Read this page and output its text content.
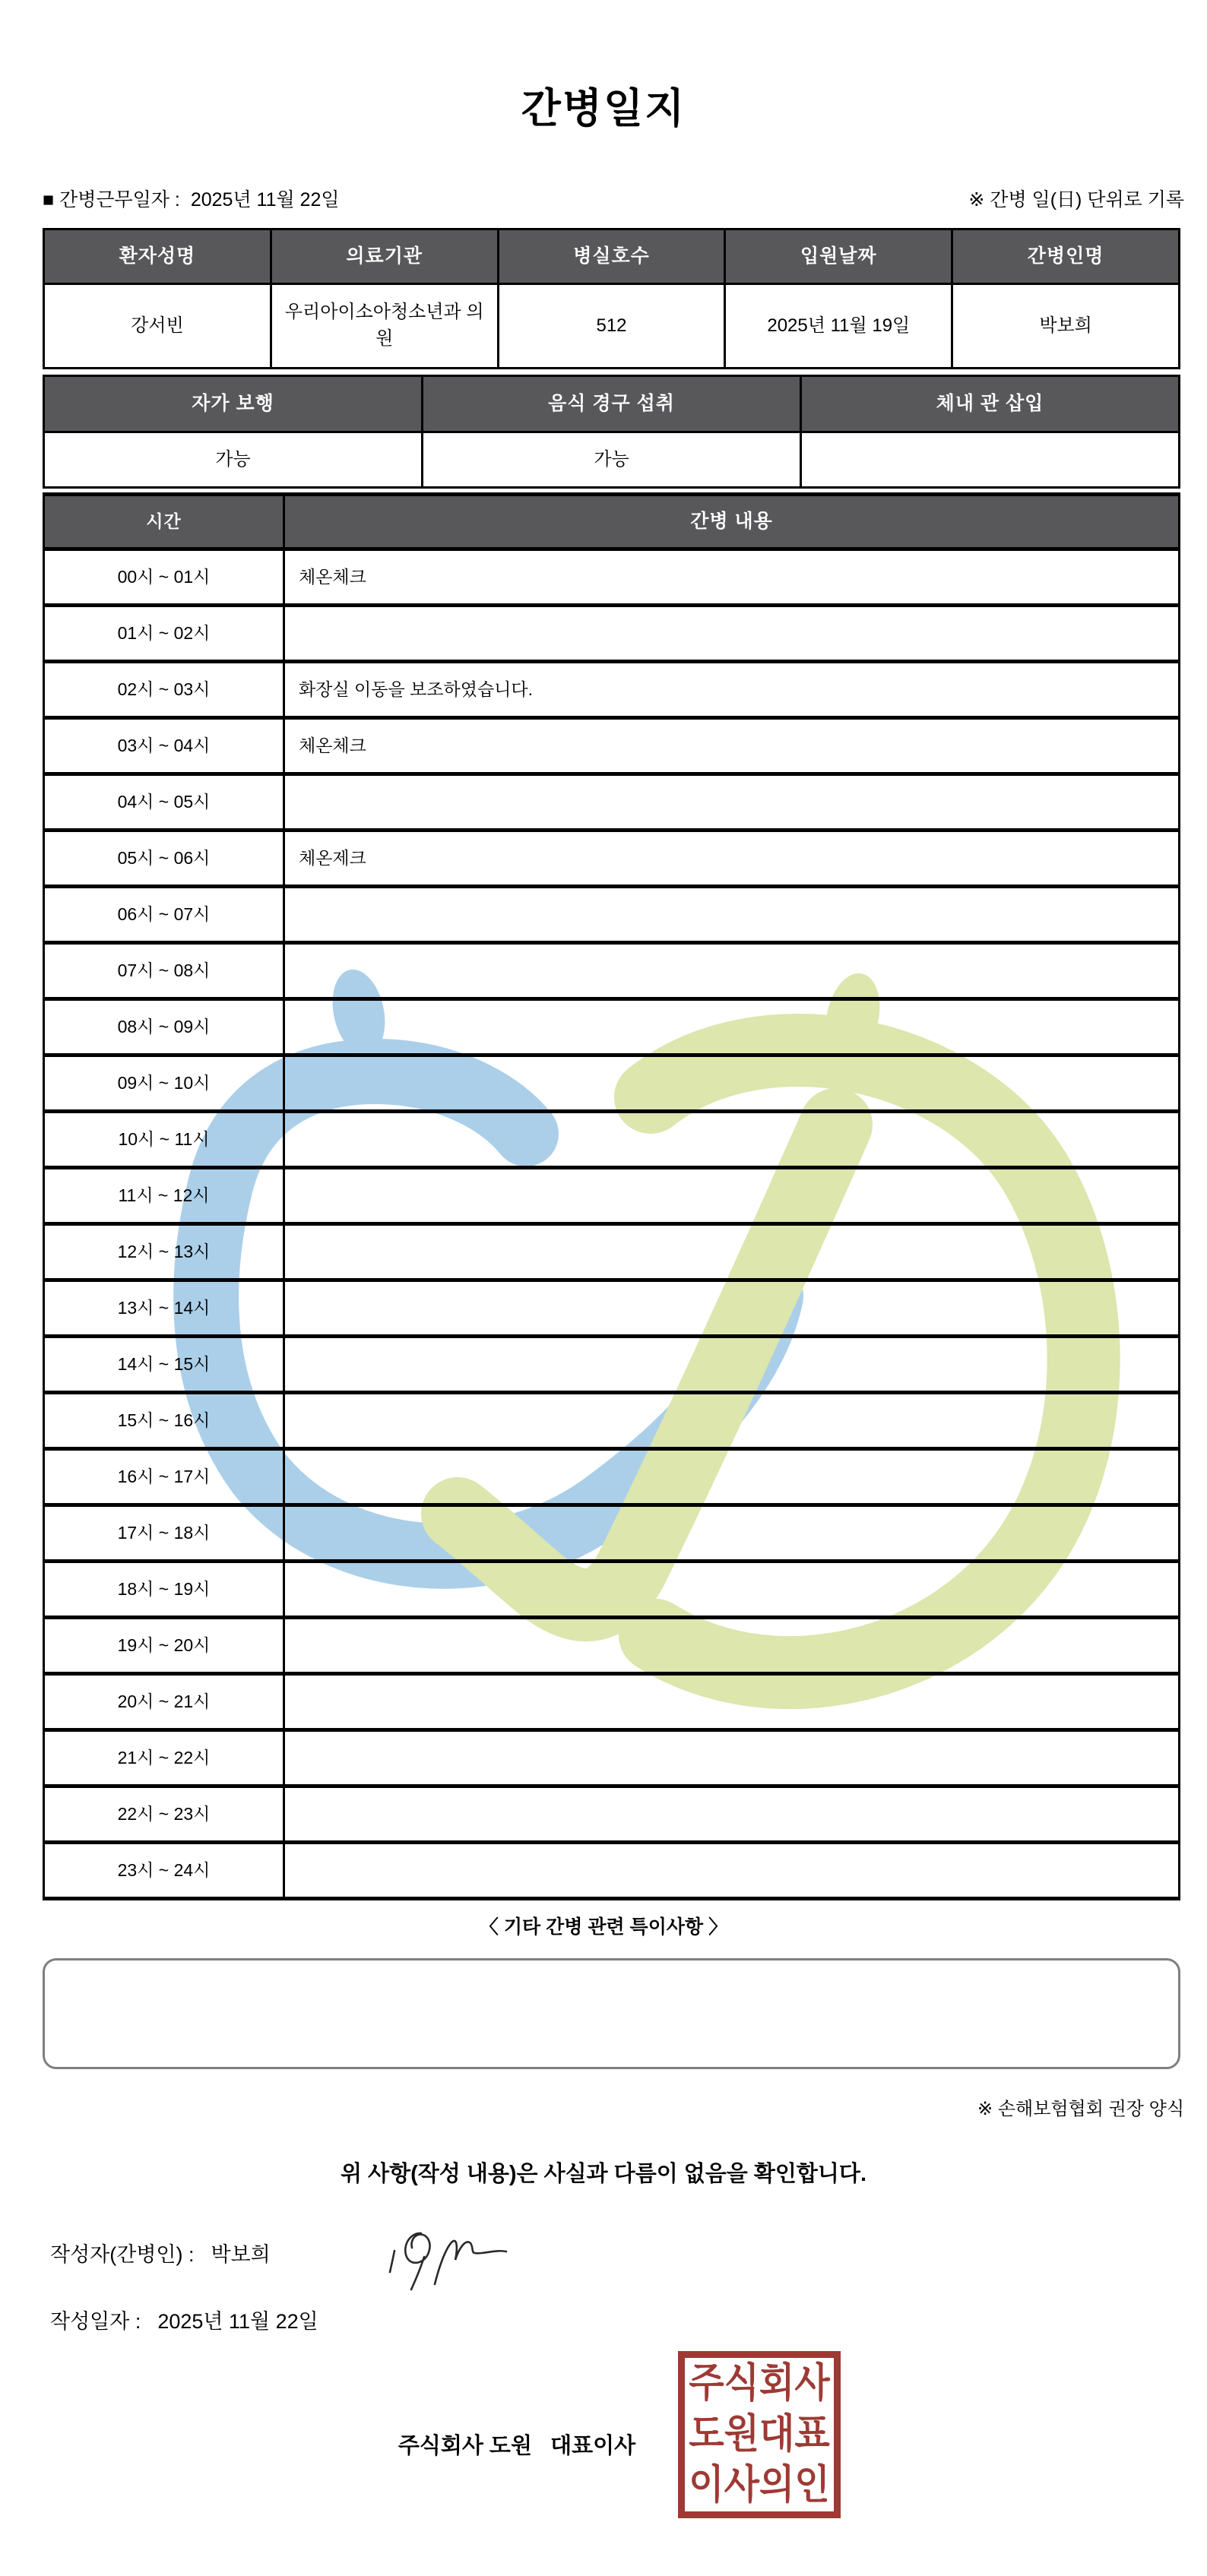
간병일지
■ 간병근무일자 : 2025년 11월 22일	※ 간병 일(日) 단위로 기록
환자성명	의료기관	병실호수	입원날짜	간병인명
강서빈	우리아이소아청소년과 의원	512	2025년 11월 19일	박보희
자가 보행	음식 경구 섭취	체내 관 삽입
가능	가능	
시간	간병 내용
00시 ~ 01시	체온체크
01시 ~ 02시	
02시 ~ 03시	화장실 이동을 보조하였습니다.
03시 ~ 04시	체온체크
04시 ~ 05시	
05시 ~ 06시	체온제크
06시 ~ 07시	
07시 ~ 08시	
08시 ~ 09시	
09시 ~ 10시	
10시 ~ 11시	
11시 ~ 12시	
12시 ~ 13시	
13시 ~ 14시	
14시 ~ 15시	
15시 ~ 16시	
16시 ~ 17시	
17시 ~ 18시	
18시 ~ 19시	
19시 ~ 20시	
20시 ~ 21시	
21시 ~ 22시	
22시 ~ 23시	
23시 ~ 24시	
〈 기타 간병 관련 특이사항 〉
※ 손해보험협회 권장 양식
위 사항(작성 내용)은 사실과 다름이 없음을 확인합니다.
작성자(간병인) : 박보희
작성일자 : 2025년 11월 22일
주식회사 도원   대표이사
주식회사
도원대표
이사의인
